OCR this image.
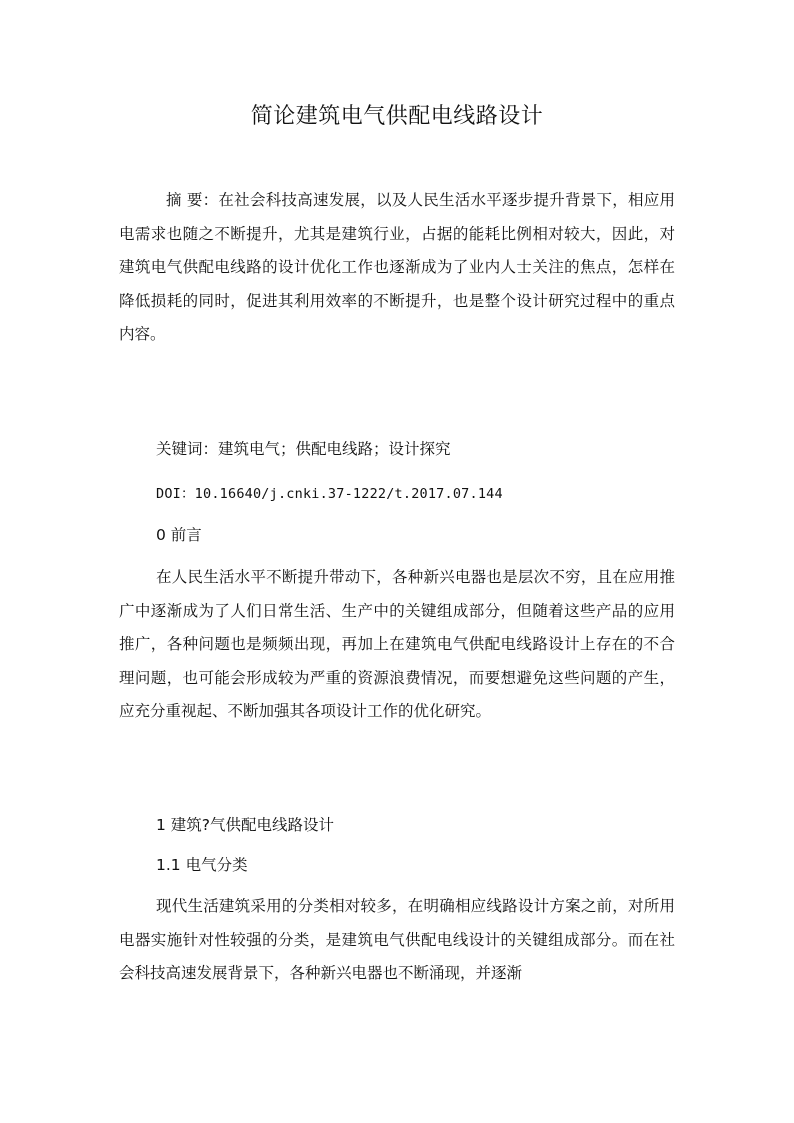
简论建筑电气供配电线路设计
摘 要：在社会科技高速发展，以及人民生活水平逐步提升背景下，相应用电需求也随之不断提升，尤其是建筑行业，占据的能耗比例相对较大，因此，对建筑电气供配电线路的设计优化工作也逐渐成为了业内人士关注的焦点，怎样在降低损耗的同时，促进其利用效率的不断提升，也是整个设计研究过程中的重点内容。
关键词：建筑电气；供配电线路；设计探究
DOI：10.16640/j.cnki.37-1222/t.2017.07.144
0 前言
在人民生活水平不断提升带动下，各种新兴电器也是层次不穷，且在应用推广中逐渐成为了人们日常生活、生产中的关键组成部分，但随着这些产品的应用推广，各种问题也是频频出现，再加上在建筑电气供配电线路设计上存在的不合理问题，也可能会形成较为严重的资源浪费情况，而要想避免这些问题的产生，应充分重视起、不断加强其各项设计工作的优化研究。
1 建筑?气供配电线路设计
1.1 电气分类
现代生活建筑采用的分类相对较多，在明确相应线路设计方案之前，对所用电器实施针对性较强的分类，是建筑电气供配电线设计的关键组成部分。而在社会科技高速发展背景下，各种新兴电器也不断涌现，并逐渐
